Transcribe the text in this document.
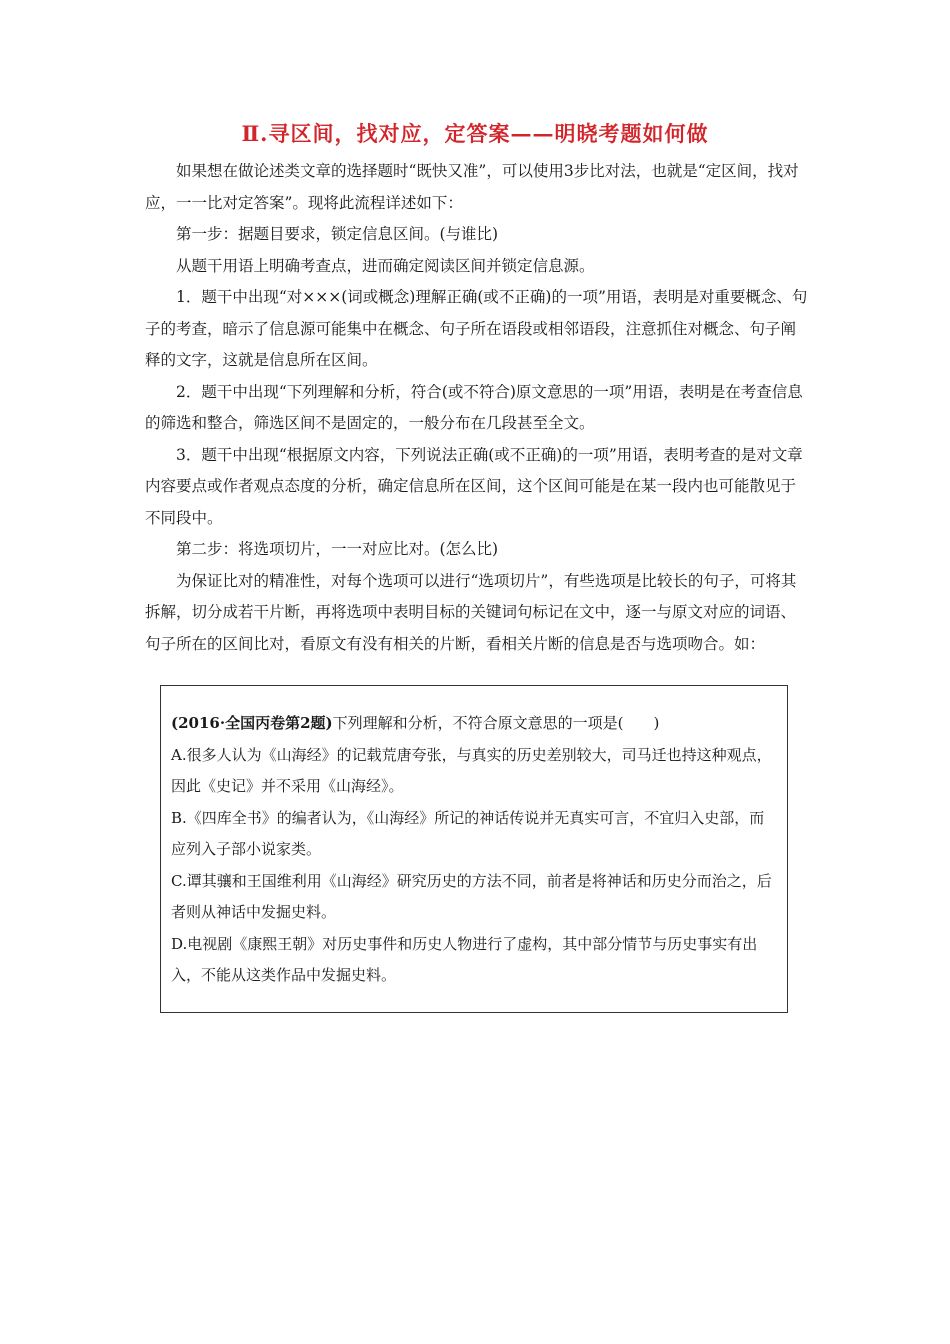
Ⅱ.寻区间，找对应，定答案——明晓考题如何做

如果想在做论述类文章的选择题时“既快又准”，可以使用3步比对法，也就是“定区间，找对应，一一比对定答案”。现将此流程详述如下：

第一步：据题目要求，锁定信息区间。(与谁比)

从题干用语上明确考查点，进而确定阅读区间并锁定信息源。

1．题干中出现“对×××(词或概念)理解正确(或不正确)的一项”用语，表明是对重要概念、句子的考查，暗示了信息源可能集中在概念、句子所在语段或相邻语段，注意抓住对概念、句子阐释的文字，这就是信息所在区间。

2．题干中出现“下列理解和分析，符合(或不符合)原文意思的一项”用语，表明是在考查信息的筛选和整合，筛选区间不是固定的，一般分布在几段甚至全文。

3．题干中出现“根据原文内容，下列说法正确(或不正确)的一项”用语，表明考查的是对文章内容要点或作者观点态度的分析，确定信息所在区间，这个区间可能是在某一段内也可能散见于不同段中。

第二步：将选项切片，一一对应比对。(怎么比)

为保证比对的精准性，对每个选项可以进行“选项切片”，有些选项是比较长的句子，可将其拆解，切分成若干片断，再将选项中表明目标的关键词句标记在文中，逐一与原文对应的词语、句子所在的区间比对，看原文有没有相关的片断，看相关片断的信息是否与选项吻合。如：

(2016·全国丙卷第2题)下列理解和分析，不符合原文意思的一项是(　　)

A.很多人认为《山海经》的记载荒唐夸张，与真实的历史差别较大，司马迁也持这种观点，因此《史记》并不采用《山海经》。

B.《四库全书》的编者认为，《山海经》所记的神话传说并无真实可言，不宜归入史部，而应列入子部小说家类。

C.谭其骧和王国维利用《山海经》研究历史的方法不同，前者是将神话和历史分而治之，后者则从神话中发掘史料。

D.电视剧《康熙王朝》对历史事件和历史人物进行了虚构，其中部分情节与历史事实有出入，不能从这类作品中发掘史料。
